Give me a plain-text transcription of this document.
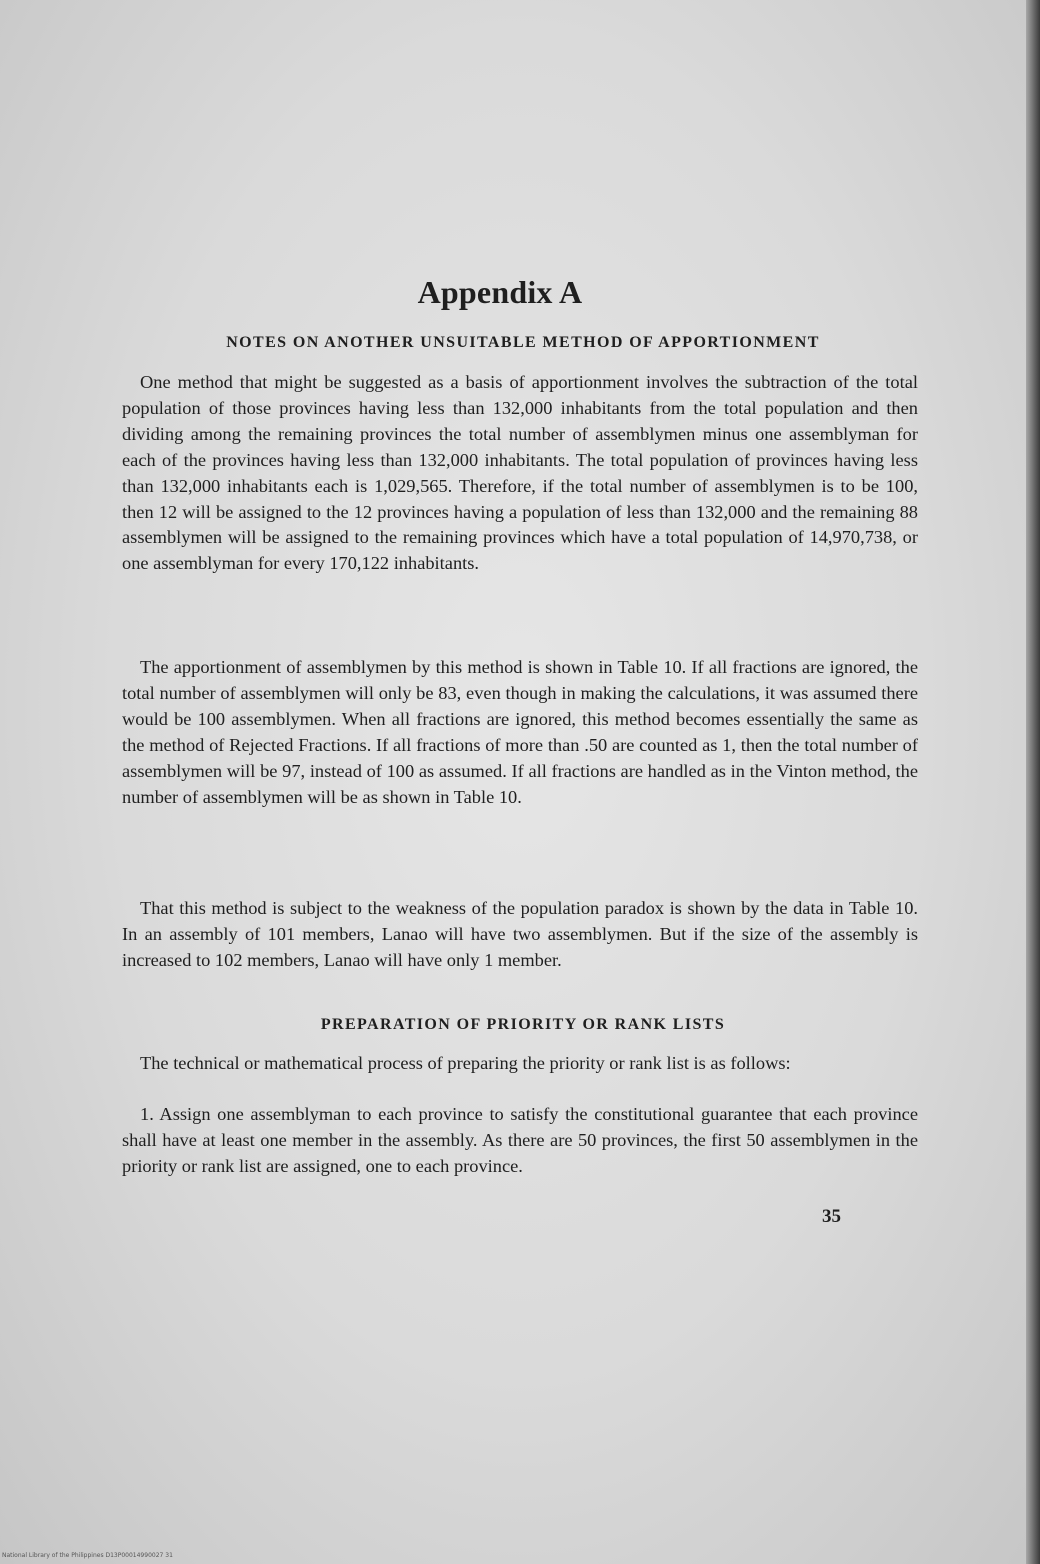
Appendix A
NOTES ON ANOTHER UNSUITABLE METHOD OF APPORTIONMENT

One method that might be suggested as a basis of apportionment involves the subtraction of the total population of those provinces having less than 132,000 inhabitants from the total population and then dividing among the remaining provinces the total number of assemblymen minus one assemblyman for each of the provinces having less than 132,000 inhabitants. The total population of provinces having less than 132,000 inhabitants each is 1,029,565. Therefore, if the total number of assemblymen is to be 100, then 12 will be assigned to the 12 provinces having a population of less than 132,000 and the remaining 88 assemblymen will be assigned to the remaining provinces which have a total population of 14,970,738, or one assemblyman for every 170,122 inhabitants.

The apportionment of assemblymen by this method is shown in Table 10. If all fractions are ignored, the total number of assemblymen will only be 83, even though in making the calculations, it was assumed there would be 100 assemblymen. When all fractions are ignored, this method becomes essentially the same as the method of Rejected Fractions. If all fractions of more than .50 are counted as 1, then the total number of assemblymen will be 97, instead of 100 as assumed. If all fractions are handled as in the Vinton method, the number of assemblymen will be as shown in Table 10.

That this method is subject to the weakness of the population paradox is shown by the data in Table 10. In an assembly of 101 members, Lanao will have two assemblymen. But if the size of the assembly is increased to 102 members, Lanao will have only 1 member.

PREPARATION OF PRIORITY OR RANK LISTS

The technical or mathematical process of preparing the priority or rank list is as follows:

1. Assign one assemblyman to each province to satisfy the constitutional guarantee that each province shall have at least one member in the assembly. As there are 50 provinces, the first 50 assemblymen in the priority or rank list are assigned, one to each province.

35
National Library of the Philippines D13P00014990027 31
